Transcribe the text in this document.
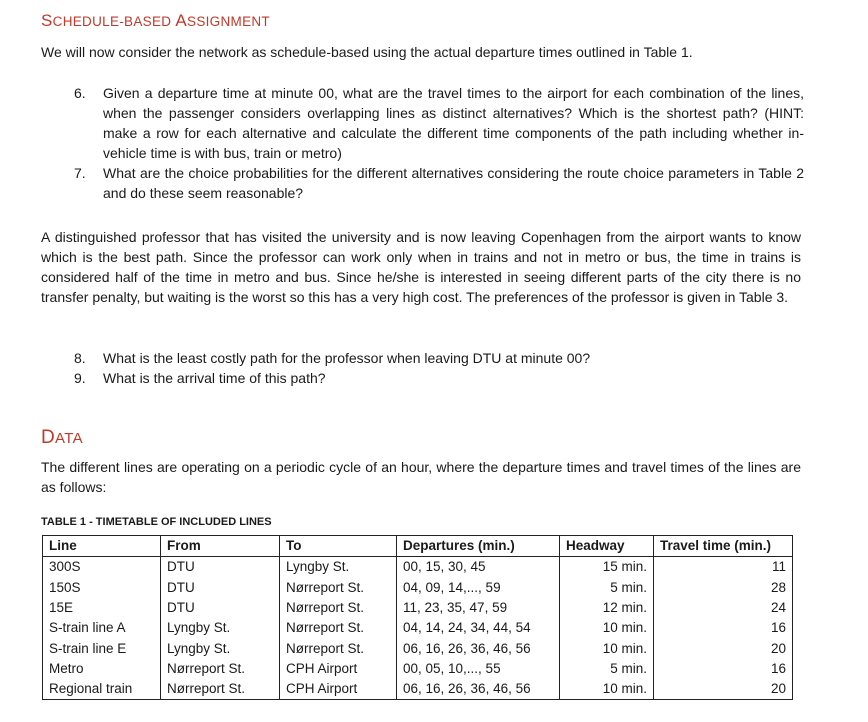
SCHEDULE-BASED ASSIGNMENT

We will now consider the network as schedule-based using the actual departure times outlined in Table 1.

6. Given a departure time at minute 00, what are the travel times to the airport for each combination of the lines, when the passenger considers overlapping lines as distinct alternatives? Which is the shortest path? (HINT: make a row for each alternative and calculate the different time components of the path including whether in-vehicle time is with bus, train or metro)
7. What are the choice probabilities for the different alternatives considering the route choice parameters in Table 2 and do these seem reasonable?

A distinguished professor that has visited the university and is now leaving Copenhagen from the airport wants to know which is the best path. Since the professor can work only when in trains and not in metro or bus, the time in trains is considered half of the time in metro and bus. Since he/she is interested in seeing different parts of the city there is no transfer penalty, but waiting is the worst so this has a very high cost. The preferences of the professor is given in Table 3.

8. What is the least costly path for the professor when leaving DTU at minute 00?
9. What is the arrival time of this path?
DATA

The different lines are operating on a periodic cycle of an hour, where the departure times and travel times of the lines are as follows:

TABLE 1 - TIMETABLE OF INCLUDED LINES
Line	From	To	Departures (min.)	Headway	Travel time (min.)
300S	DTU	Lyngby St.	00, 15, 30, 45	15 min.	11
150S	DTU	Nørreport St.	04, 09, 14,..., 59	5 min.	28
15E	DTU	Nørreport St.	11, 23, 35, 47, 59	12 min.	24
S-train line A	Lyngby St.	Nørreport St.	04, 14, 24, 34, 44, 54	10 min.	16
S-train line E	Lyngby St.	Nørreport St.	06, 16, 26, 36, 46, 56	10 min.	20
Metro	Nørreport St.	CPH Airport	00, 05, 10,..., 55	5 min.	16
Regional train	Nørreport St.	CPH Airport	06, 16, 26, 36, 46, 56	10 min.	20
